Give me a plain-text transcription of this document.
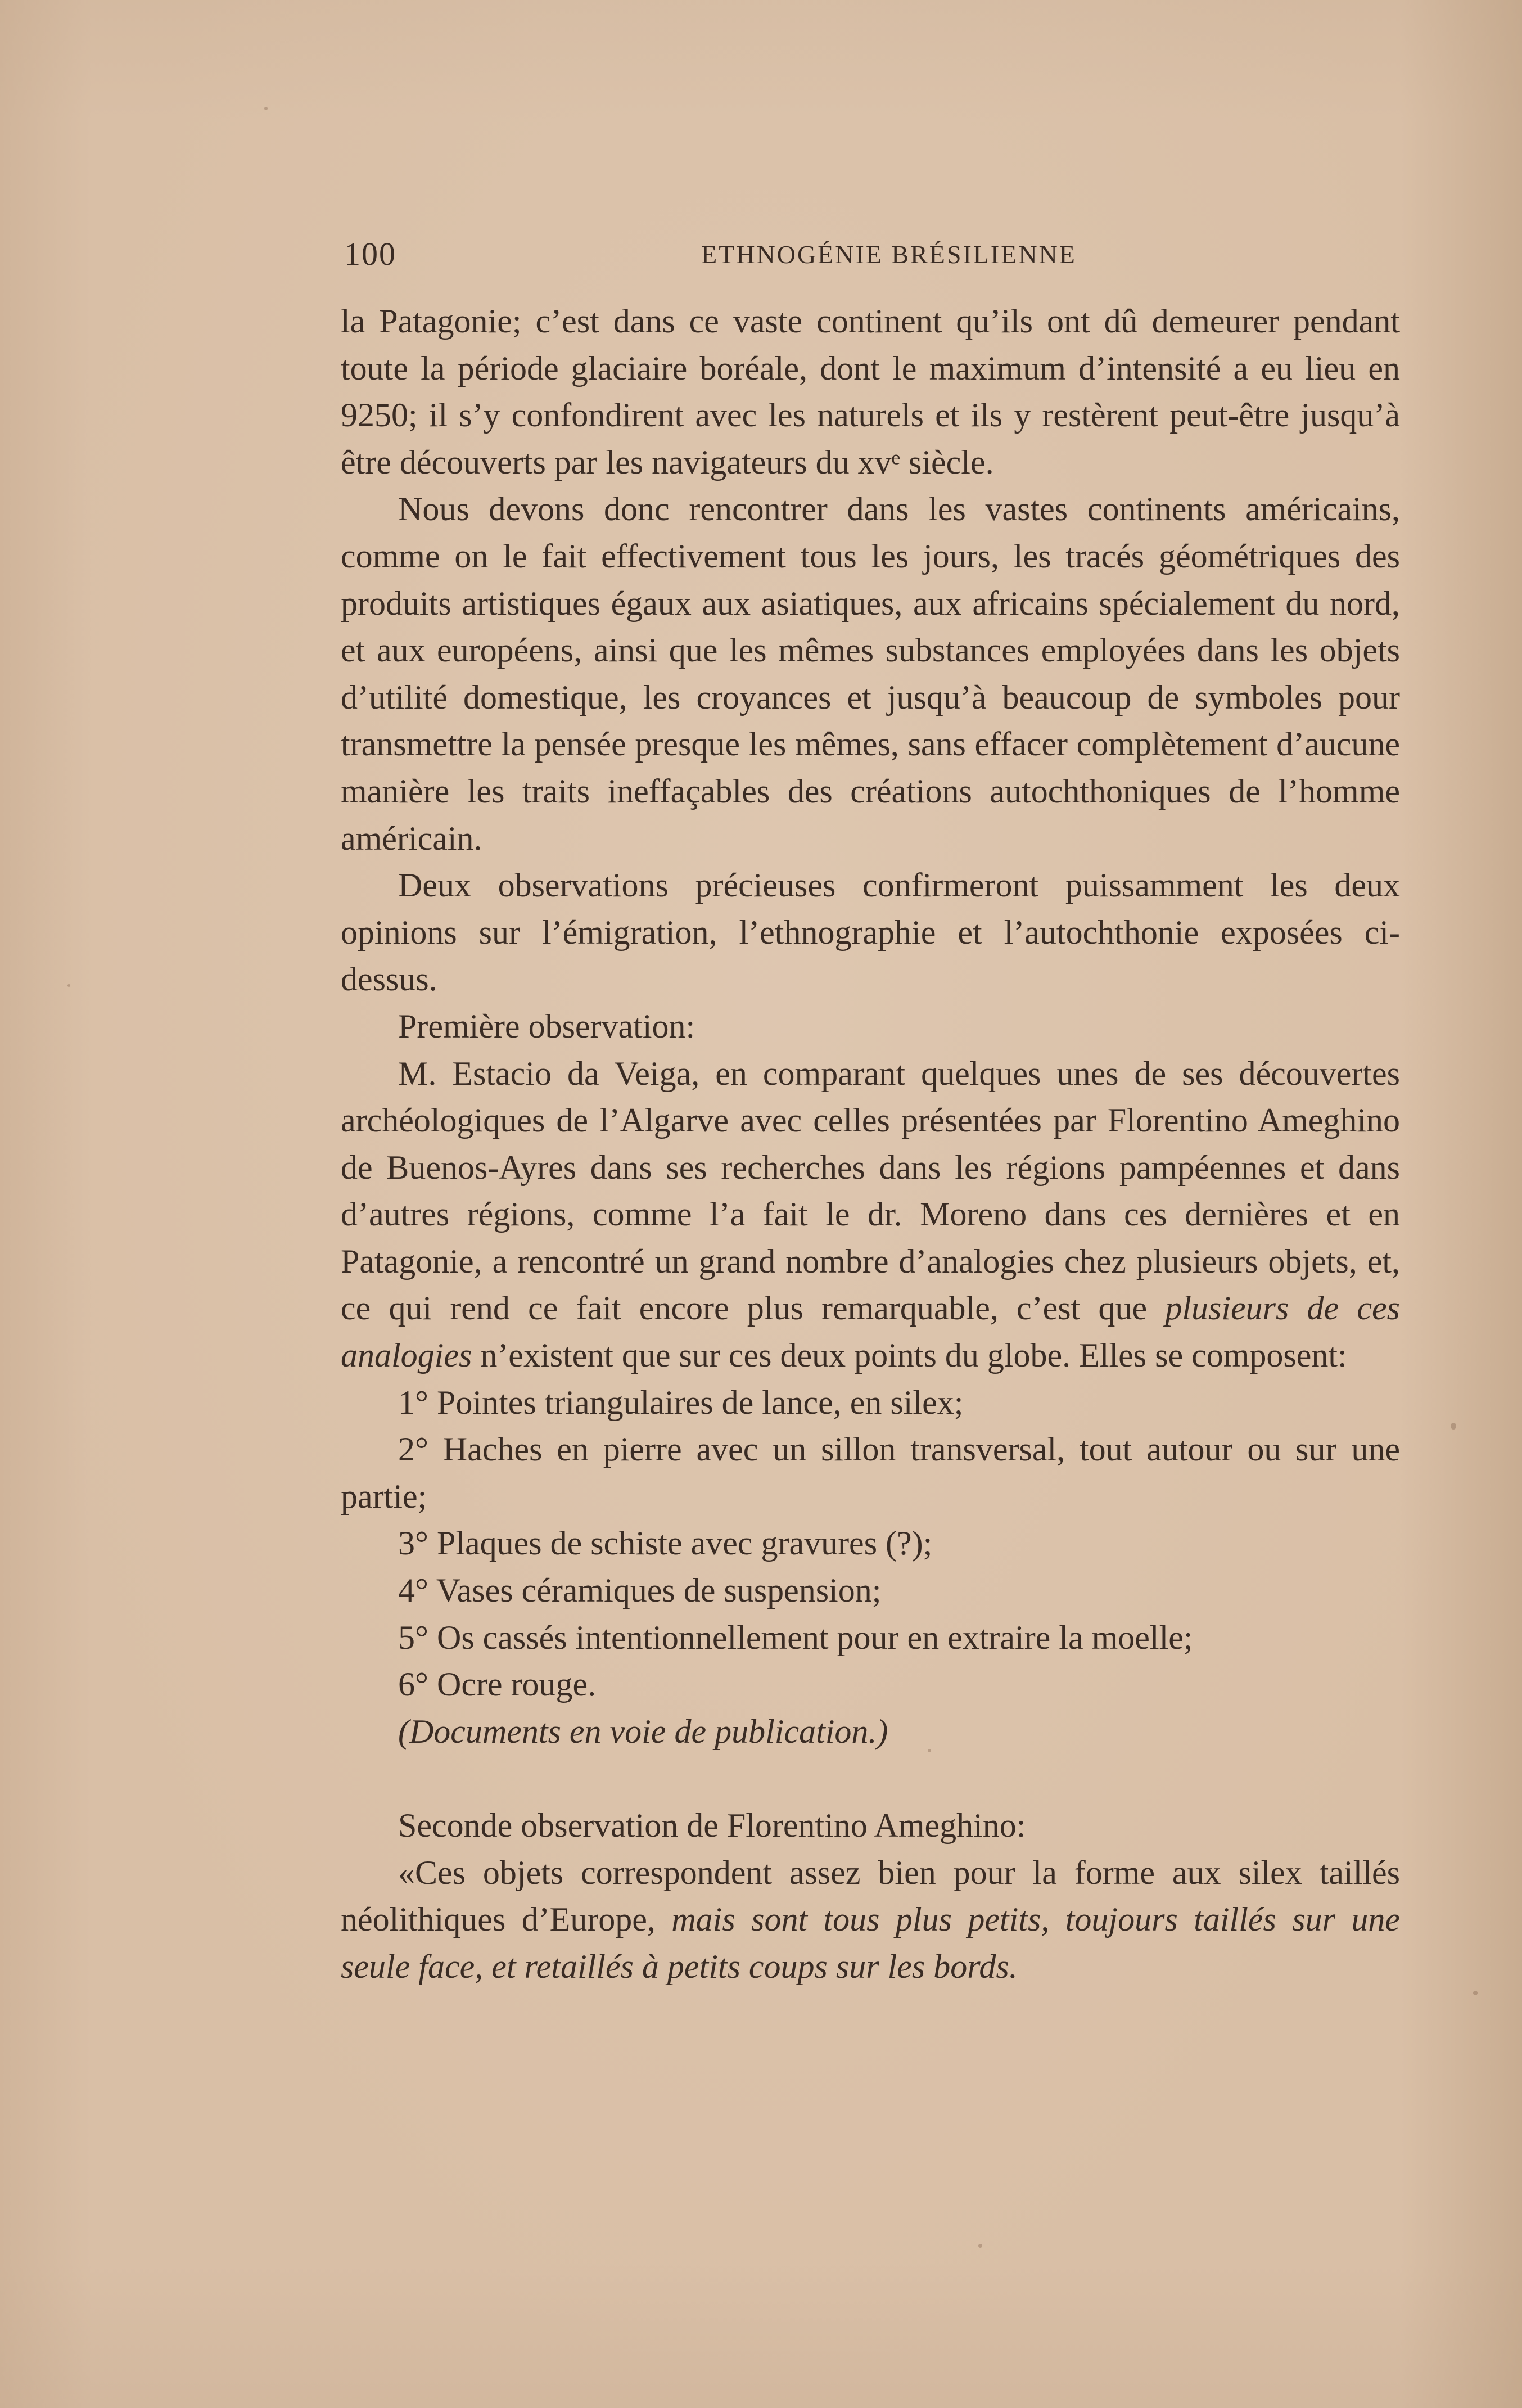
100	ETHNOGÉNIE BRÉSILIENNE

la Patagonie; c’est dans ce vaste continent qu’ils ont dû demeurer pendant toute la période glaciaire boréale, dont le maximum d’intensité a eu lieu en 9250; il s’y confondirent avec les naturels et ils y restèrent peut-être jusqu’à être découverts par les navigateurs du xvᵉ siècle.

Nous devons donc rencontrer dans les vastes continents américains, comme on le fait effectivement tous les jours, les tracés géométriques des produits artistiques égaux aux asiatiques, aux africains spécialement du nord, et aux européens, ainsi que les mêmes substances employées dans les objets d’utilité domestique, les croyances et jusqu’à beaucoup de symboles pour transmettre la pensée presque les mêmes, sans effacer complètement d’aucune manière les traits ineffaçables des créations autochthoniques de l’homme américain.

Deux observations précieuses confirmeront puissamment les deux opinions sur l’émigration, l’ethnographie et l’autochthonie exposées ci-dessus.

Première observation:

M. Estacio da Veiga, en comparant quelques unes de ses découvertes archéologiques de l’Algarve avec celles présentées par Florentino Ameghino de Buenos-Ayres dans ses recherches dans les régions pampéennes et dans d’autres régions, comme l’a fait le dr. Moreno dans ces dernières et en Patagonie, a rencontré un grand nombre d’analogies chez plusieurs objets, et, ce qui rend ce fait encore plus remarquable, c’est que plusieurs de ces analogies n’existent que sur ces deux points du globe. Elles se composent:

1° Pointes triangulaires de lance, en silex;

2° Haches en pierre avec un sillon transversal, tout autour ou sur une partie;

3° Plaques de schiste avec gravures (?);

4° Vases céramiques de suspension;

5° Os cassés intentionnellement pour en extraire la moelle;

6° Ocre rouge.

(Documents en voie de publication.)

Seconde observation de Florentino Ameghino:

«Ces objets correspondent assez bien pour la forme aux silex taillés néolithiques d’Europe, mais sont tous plus petits, toujours taillés sur une seule face, et retaillés à petits coups sur les bords.
